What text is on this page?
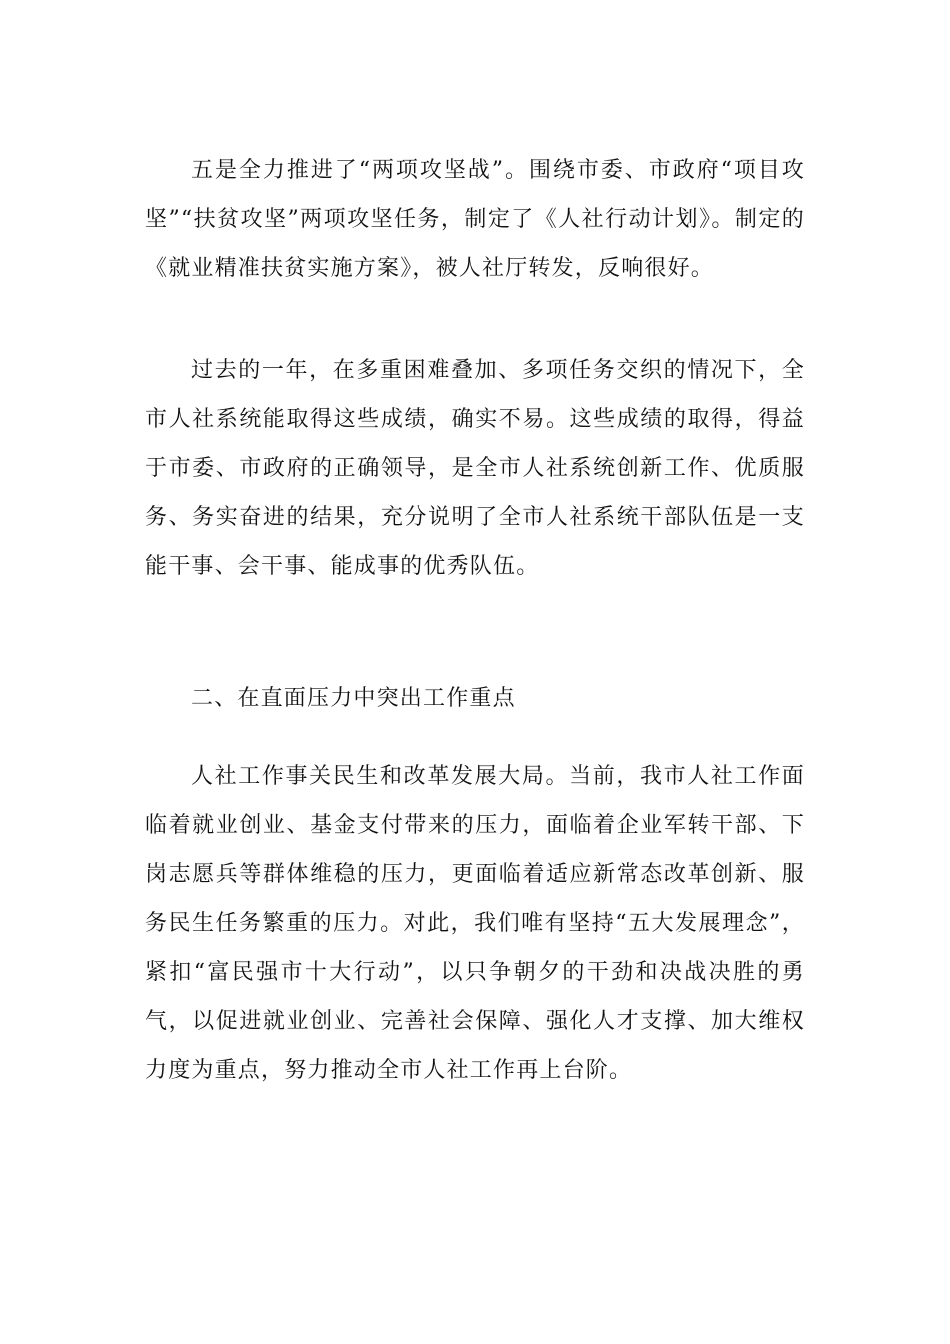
五是全力推进了“两项攻坚战”。围绕市委、市政府“项目攻坚”“扶贫攻坚”两项攻坚任务，制定了《人社行动计划》。制定的《就业精准扶贫实施方案》，被人社厅转发，反响很好。

过去的一年，在多重困难叠加、多项任务交织的情况下，全市人社系统能取得这些成绩，确实不易。这些成绩的取得，得益于市委、市政府的正确领导，是全市人社系统创新工作、优质服务、务实奋进的结果，充分说明了全市人社系统干部队伍是一支能干事、会干事、能成事的优秀队伍。

二、在直面压力中突出工作重点

人社工作事关民生和改革发展大局。当前，我市人社工作面临着就业创业、基金支付带来的压力，面临着企业军转干部、下岗志愿兵等群体维稳的压力，更面临着适应新常态改革创新、服务民生任务繁重的压力。对此，我们唯有坚持“五大发展理念”，紧扣“富民强市十大行动”，以只争朝夕的干劲和决战决胜的勇气，以促进就业创业、完善社会保障、强化人才支撑、加大维权力度为重点，努力推动全市人社工作再上台阶。
